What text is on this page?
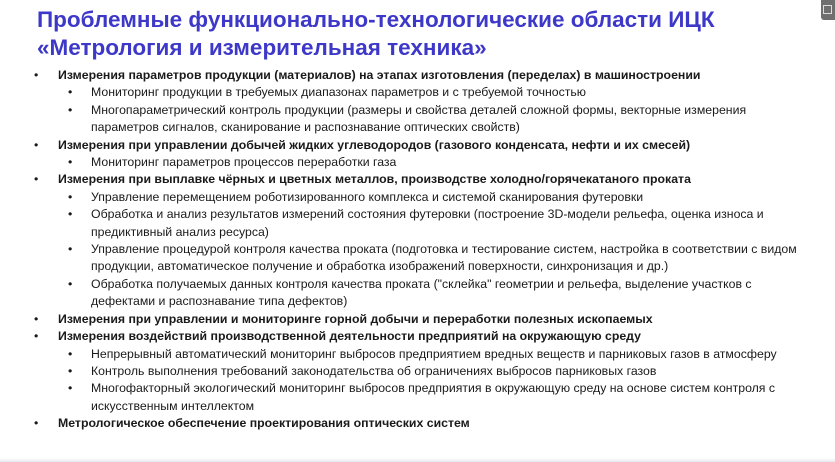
Проблемные функционально-технологические области ИЦК
«Метрология и измерительная техника»

• Измерения параметров продукции (материалов) на этапах изготовления (переделах) в машиностроении

• Мониторинг продукции в требуемых диапазонах параметров и с требуемой точностью

• Многопараметрический контроль продукции (размеры и свойства деталей сложной формы, векторные измерения параметров сигналов, сканирование и распознавание оптических свойств)

• Измерения при управлении добычей жидких углеводородов (газового конденсата, нефти и их смесей)

• Мониторинг параметров процессов переработки газа

• Измерения при выплавке чёрных и цветных металлов, производстве холодно/горячекатаного проката

• Управление перемещением роботизированного комплекса и системой сканирования футеровки

• Обработка и анализ результатов измерений состояния футеровки (построение 3D-модели рельефа, оценка износа и предиктивный анализ ресурса)

• Управление процедурой контроля качества проката (подготовка и тестирование систем, настройка в соответствии с видом продукции, автоматическое получение и обработка изображений поверхности, синхронизация и др.)

• Обработка получаемых данных контроля качества проката ("склейка" геометрии и рельефа, выделение участков с дефектами и распознавание типа дефектов)

• Измерения при управлении и мониторинге горной добычи и переработки полезных ископаемых

• Измерения воздействий производственной деятельности предприятий на окружающую среду

• Непрерывный автоматический мониторинг выбросов предприятием вредных веществ и парниковых газов в атмосферу

• Контроль выполнения требований законодательства об ограничениях выбросов парниковых газов

• Многофакторный экологический мониторинг выбросов предприятия в окружающую среду на основе систем контроля с искусственным интеллектом

• Метрологическое обеспечение проектирования оптических систем
